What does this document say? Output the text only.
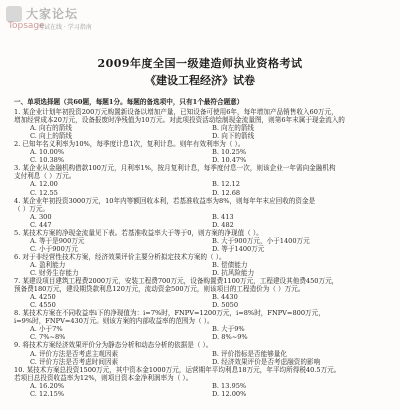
大家论坛
Topsage
考试在线 · 学习指南
2009年度全国一级建造师执业资格考试
《建设工程经济》试卷
一、单项选择题（共60题，每题1分。每题的备选项中，只有1个最符合题意）
1. 某企业计划年初投资200万元购置新设备以增加产量，已知设备可使用6年，每年增加产品销售收入60万元，
增加经营成本20万元，设备报废时净残值为10万元。对此项投资活动绘制现金流量图，则第6年末属于现金流入的
A. 向右的箭线	B. 向左的箭线
C. 向上的箭线	D. 向下的箭线
2. 已知年名义利率为10%，每季度计息1次，复利计息。则年有效利率为（ ）。
A. 10.00%	B. 10.25%
C. 10.38%	D. 10.47%
3. 某企业从金融机构借款100万元，月利率1%，按月复利计息，每季度付息一次，则该企业一年需向金融机构
支付利息（ ）万元。
A. 12.00	B. 12.12
C. 12.55	D. 12.68
4. 某企业年初投资3000万元，10年内等额回收本利，若基准收益率为8%，则每年年末应回收的资金是
（ ）万元。
A. 300	B. 413
C. 447	D. 482
5. 某技术方案的净现金流量见下表。若基准收益率大于等于0，则方案的净现值（ ）。
A. 等于是900万元	B. 大于900万元，小于1400万元
C. 小于900万元	D. 等于1400万元
6. 对于非经营性技术方案，经济效果评价主要分析拟定技术方案的（ ）。
A. 盈利能力	B. 偿债能力
C. 财务生存能力	D. 抗风险能力
7. 某建设项目建筑工程费2000万元，安装工程费700万元，设备购置费1100万元，工程建设其他费450万元，
预备费180万元，建设期贷款利息120万元，流动资金500万元，则该项目的工程造价为（ ）万元。
A. 4250	B. 4430
C. 4550	D. 5050
8. 某技术方案在不同收益率i下的净现值为：i=7%时，FNPV=1200万元，i=8%时，FNPV=800万元，
i=9%时，FNPV=430万元。则该方案的内部收益率的范围为（ ）。
A. 小于7%	B. 大于9%
C. 7%~8%	D. 8%~9%
9. 将技术方案经济效果评价分为静态分析和动态分析的依据是（ ）。
A. 评价方法是否考虑主观因素	B. 评价指标是否能够量化
C. 评价方法是否考虑时间因素	D. 经济效果评价是否考虑融资的影响
10. 某技术方案总投资1500万元，其中资本金1000万元，运营期年平均利息18万元，年平均所得税40.5万元。
若项目总投资收益率为12%，则项目资本金净利润率为（ ）。
A. 16.20%	B. 13.95%
C. 12.15%	D. 12.00%
